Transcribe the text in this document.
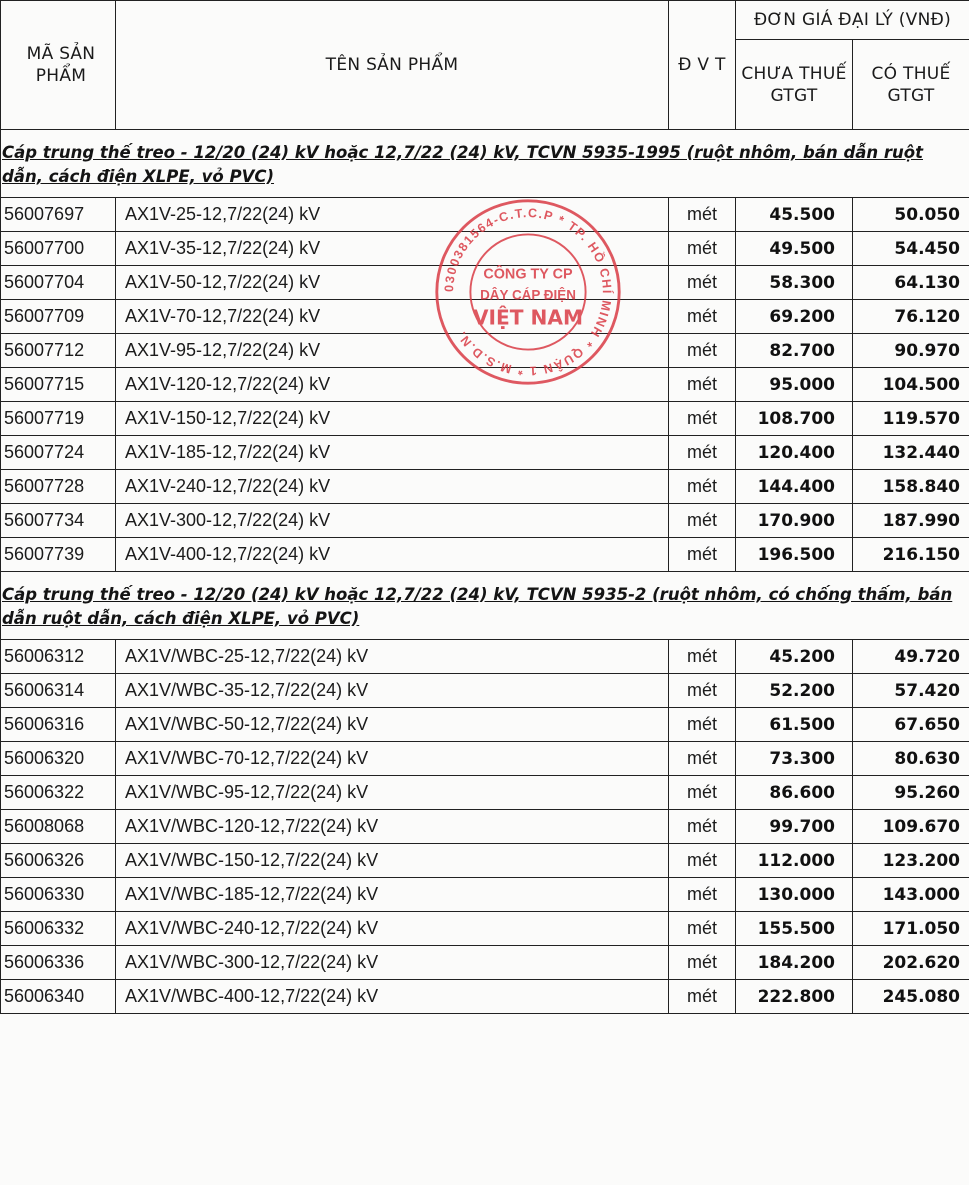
MÃ SẢN PHẨM	TÊN SẢN PHẨM	Đ V T	ĐƠN GIÁ ĐẠI LÝ (VNĐ)	
			CHƯA THUẾ GTGT	CÓ THUẾ GTGT
Cáp trung thế treo - 12/20 (24) kV hoặc 12,7/22 (24) kV, TCVN 5935-1995 (ruột nhôm, bán dẫn ruột dẫn, cách điện XLPE, vỏ PVC)				
56007697	AX1V-25-12,7/22(24) kV	mét	45.500	50.050
56007700	AX1V-35-12,7/22(24) kV	mét	49.500	54.450
56007704	AX1V-50-12,7/22(24) kV	mét	58.300	64.130
56007709	AX1V-70-12,7/22(24) kV	mét	69.200	76.120
56007712	AX1V-95-12,7/22(24) kV	mét	82.700	90.970
56007715	AX1V-120-12,7/22(24) kV	mét	95.000	104.500
56007719	AX1V-150-12,7/22(24) kV	mét	108.700	119.570
56007724	AX1V-185-12,7/22(24) kV	mét	120.400	132.440
56007728	AX1V-240-12,7/22(24) kV	mét	144.400	158.840
56007734	AX1V-300-12,7/22(24) kV	mét	170.900	187.990
56007739	AX1V-400-12,7/22(24) kV	mét	196.500	216.150
Cáp trung thế treo - 12/20 (24) kV hoặc 12,7/22 (24) kV, TCVN 5935-2 (ruột nhôm, có chống thấm, bán dẫn ruột dẫn, cách điện XLPE, vỏ PVC)				
56006312	AX1V/WBC-25-12,7/22(24) kV	mét	45.200	49.720
56006314	AX1V/WBC-35-12,7/22(24) kV	mét	52.200	57.420
56006316	AX1V/WBC-50-12,7/22(24) kV	mét	61.500	67.650
56006320	AX1V/WBC-70-12,7/22(24) kV	mét	73.300	80.630
56006322	AX1V/WBC-95-12,7/22(24) kV	mét	86.600	95.260
56008068	AX1V/WBC-120-12,7/22(24) kV	mét	99.700	109.670
56006326	AX1V/WBC-150-12,7/22(24) kV	mét	112.000	123.200
56006330	AX1V/WBC-185-12,7/22(24) kV	mét	130.000	143.000
56006332	AX1V/WBC-240-12,7/22(24) kV	mét	155.500	171.050
56006336	AX1V/WBC-300-12,7/22(24) kV	mét	184.200	202.620
56006340	AX1V/WBC-400-12,7/22(24) kV	mét	222.800	245.080
0300381564-C.T.C.P * TP. HỒ CHÍ MINH * QUẬN 1 * M.S.D.N.
CÔNG TY CP
DÂY CÁP ĐIỆN
VIỆT NAM
